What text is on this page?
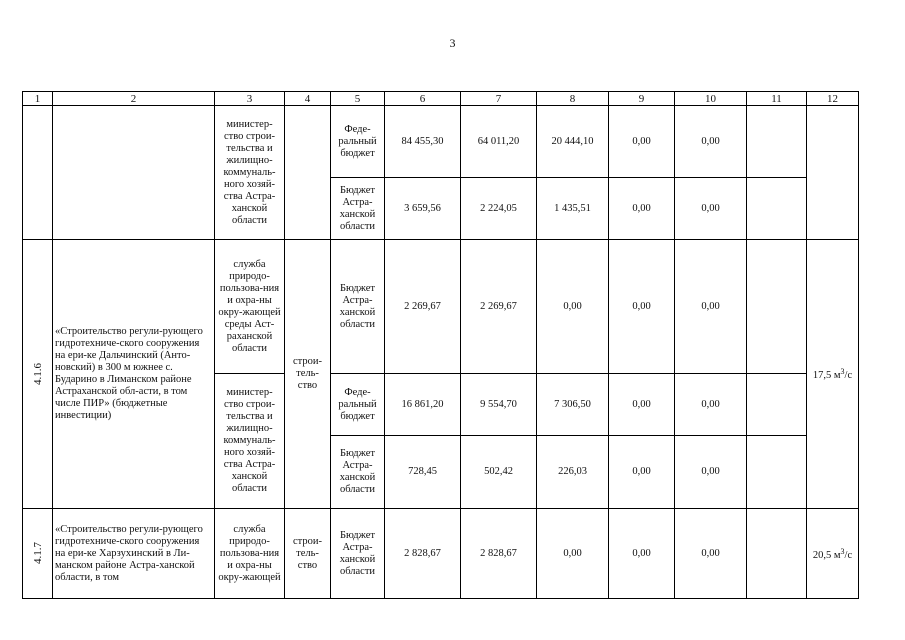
3
1	2	3	4	5	6	7	8	9	10	11	12
		министер-ство строи-тельства и жилищно-коммуналь-ного хозяй-ства Астра-ханской области		Феде-ральный бюджет	84 455,30	64 011,20	20 444,10	0,00	0,00		
				Бюджет Астра-ханской области	3 659,56	2 224,05	1 435,51	0,00	0,00		
4.1.6	«Строительство регули-рующего гидротехниче-ского сооружения на ери-ке Дальчинский (Анто-новский) в 300 м южнее с. Бударино в Лиманском районе Астраханской обл-асти, в том числе ПИР» (бюджетные инвестиции)	служба природо-пользова-ния и охра-ны окру-жающей среды Аст-раханской области	строи-тель-ство	Бюджет Астра-ханской области	2 269,67	2 269,67	0,00	0,00	0,00		17,5 $м^3/с$
		министер-ство строи-тельства и жилищно-коммуналь-ного хозяй-ства Астра-ханской области		Феде-ральный бюджет	16 861,20	9 554,70	7 306,50	0,00	0,00		
				Бюджет Астра-ханской области	728,45	502,42	226,03	0,00	0,00		
4.1.7	«Строительство регули-рующего гидротехниче-ского сооружения на ери-ке Харзухинский в Ли-манском районе Астра-ханской области, в том	служба природо-пользова-ния и охра-ны окру-жающей	строи-тель-ство	Бюджет Астра-ханской области	2 828,67	2 828,67	0,00	0,00	0,00		20,5 $м^3/с$
